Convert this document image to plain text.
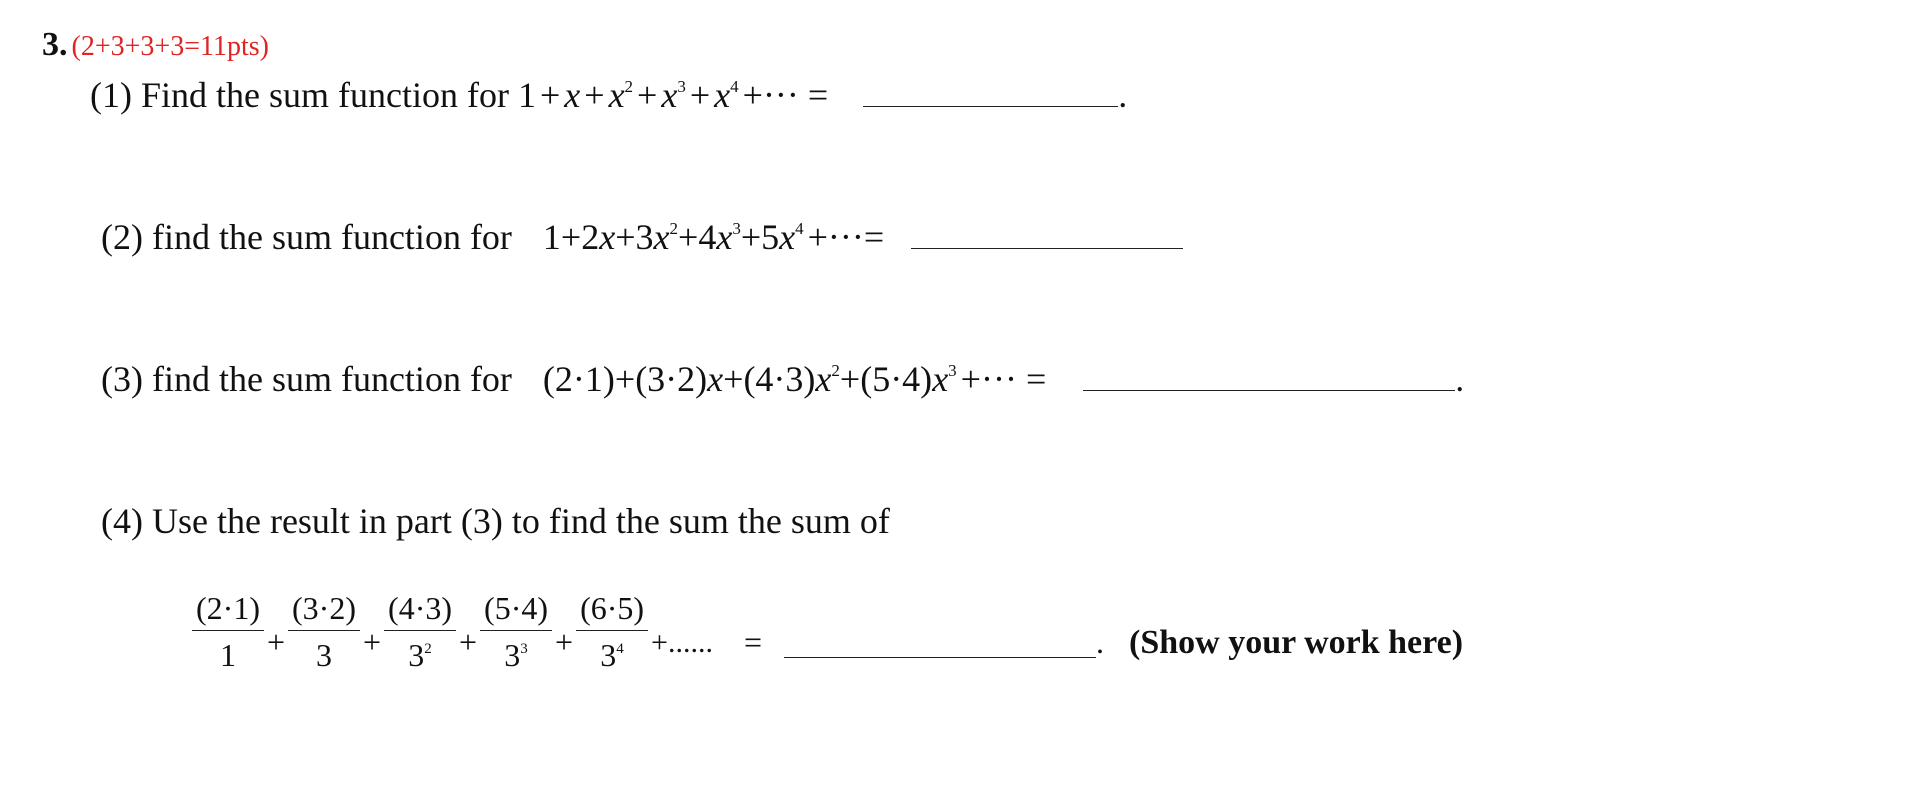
3. (2+3+3+3=11pts)
(1) Find the sum function for $1 + x + x^2 + x^3 + x^4$ +··· =	.
(2) find the sum function for $1+2x+3x^2+4x^3+5x^4$ +···=
(3) find the sum function for $(2\cdot 1)+(3\cdot 2)x+(4\cdot 3)x^2+(5\cdot 4)x^3$ +··· =	.
(4) Use the result in part (3) to find the sum the sum of
$\frac{(2\cdot 1)}{1} + \frac{(3\cdot 2)}{3} + \frac{(4\cdot 3)}{3^2} + \frac{(5\cdot 4)}{3^3} + \frac{(6\cdot 5)}{3^4}$ +...... =	. (Show your work here)
